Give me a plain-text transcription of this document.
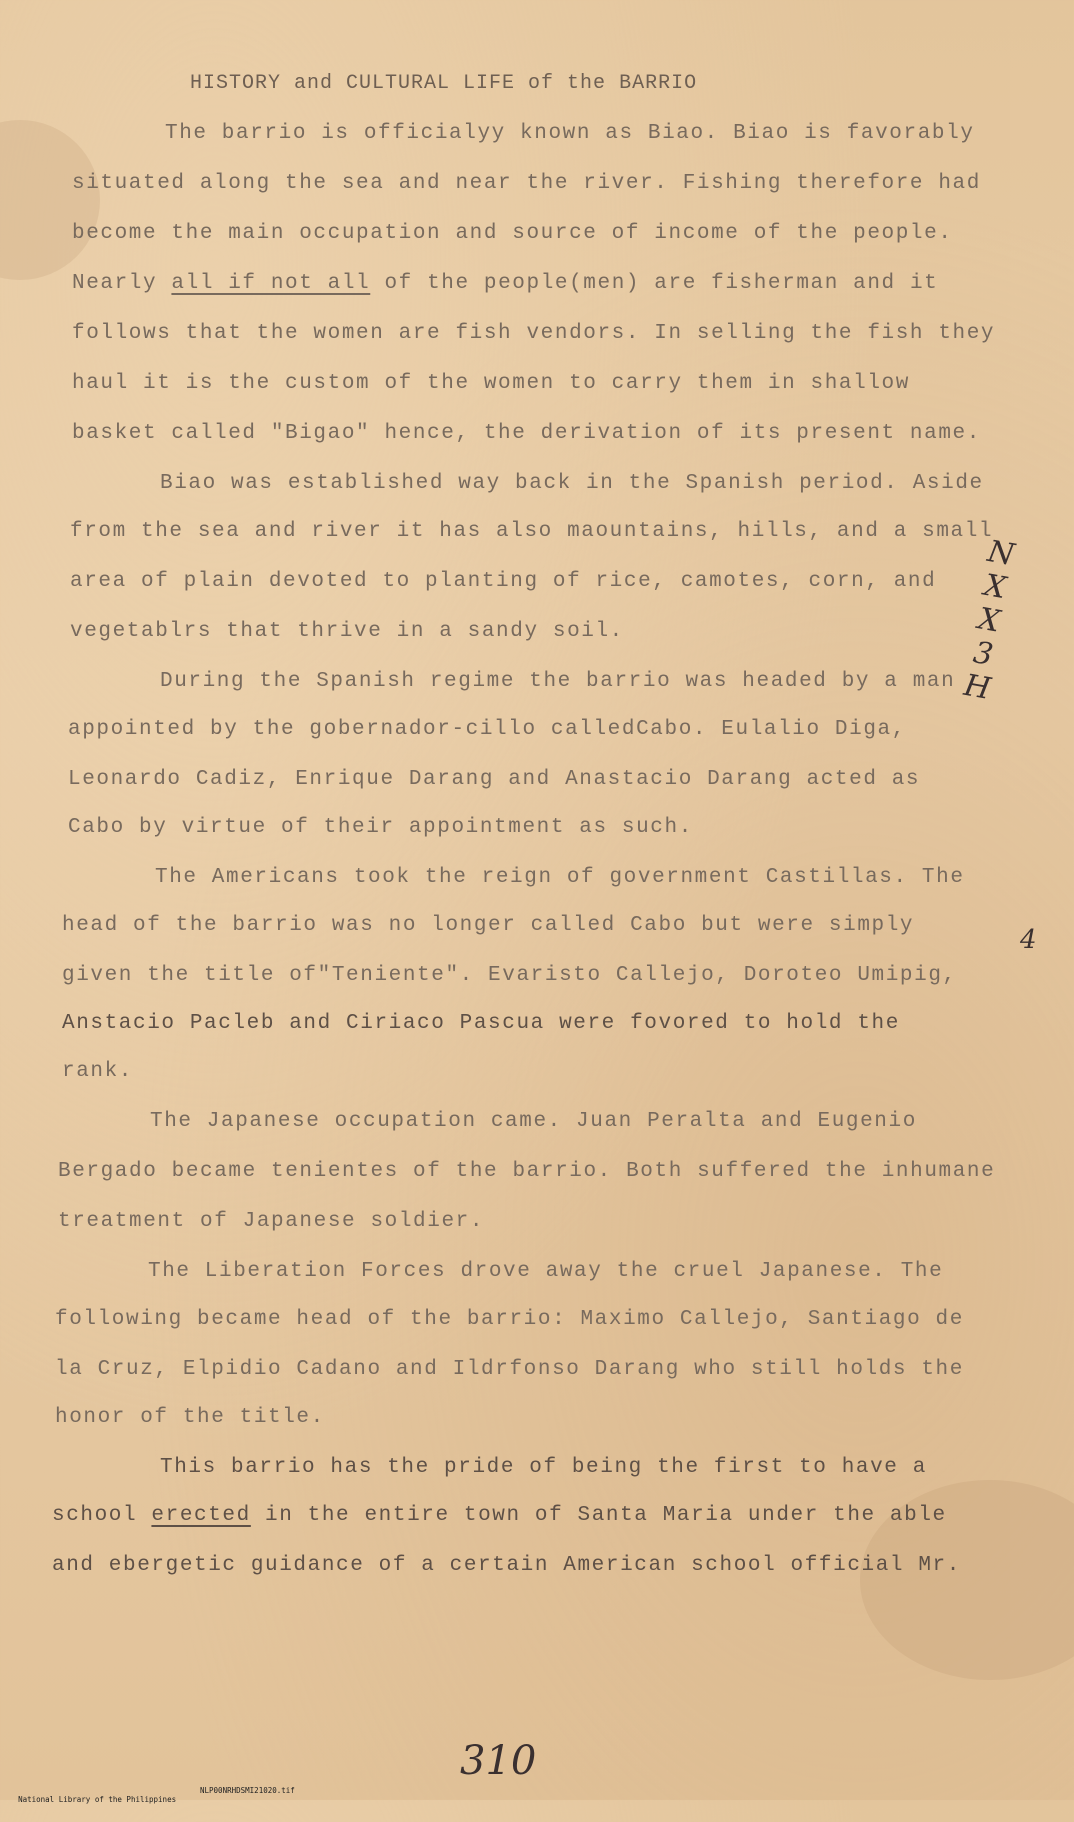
HISTORY and CULTURAL LIFE of the BARRIO
The barrio is officialyy known as Biao. Biao is favorably
situated along the sea and near the river. Fishing therefore had
become the main occupation and source of income of the people.
Nearly all if not all of the people(men) are fisherman and it
follows that the women are fish vendors. In selling the fish they
haul it is the custom of the women to carry them in shallow
basket called "Bigao" hence, the derivation of its present name.
Biao was established way back in the Spanish period. Aside
from the sea and river it has also maountains, hills, and a small
area of plain devoted to planting of rice, camotes, corn, and
vegetablrs that thrive in a sandy soil.
During the Spanish regime the barrio was headed by a man
appointed by the gobernador-cillo calledCabo. Eulalio Diga,
Leonardo Cadiz, Enrique Darang and Anastacio Darang acted as
Cabo by virtue of their appointment as such.
The Americans took the reign of government Castillas. The
head of the barrio was no longer called Cabo but were simply
given the title of"Teniente". Evaristo Callejo, Doroteo Umipig,
Anstacio Pacleb and Ciriaco Pascua were fovored to hold the
rank.
The Japanese occupation came. Juan Peralta and Eugenio
Bergado became tenientes of the barrio. Both suffered the inhumane
treatment of Japanese soldier.
The Liberation Forces drove away the cruel Japanese. The
following became head of the barrio: Maximo Callejo, Santiago de
la Cruz, Elpidio Cadano and Ildrfonso Darang who still holds the
honor of the title.
This barrio has the pride of being the first to have a
school erected in the entire town of Santa Maria under the able
and ebergetic guidance of a certain American school official Mr.
N
X
X
3
H
4
310

National Library of the Philippines

NLP00NRHDSMI21020.tif
